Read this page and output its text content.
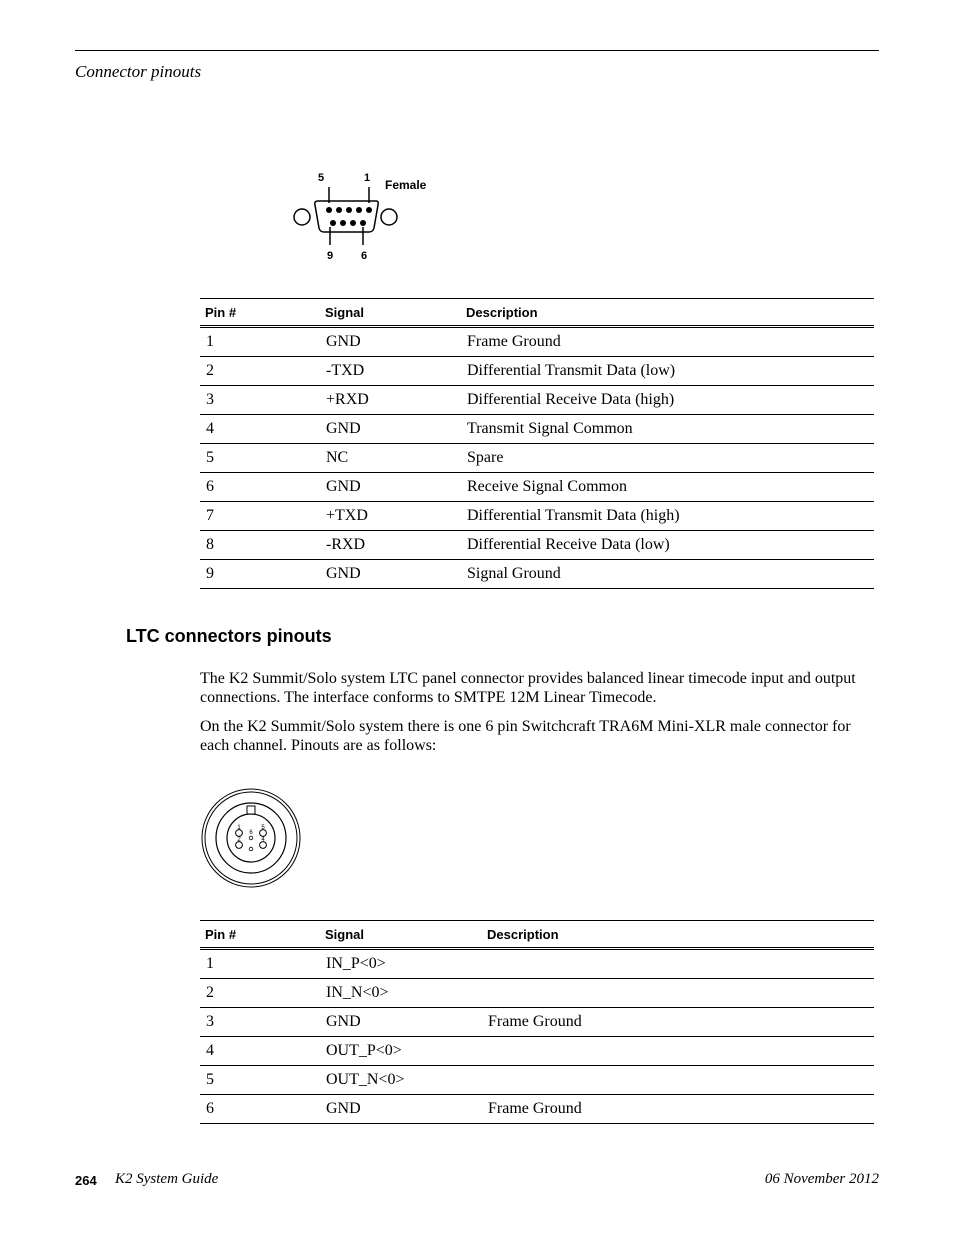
Connector pinouts
5	1 Female
9	6
Pin #	Signal	Description
1	GND	Frame Ground
2	-TXD	Differential Transmit Data (low)
3	+RXD	Differential Receive Data (high)
4	GND	Transmit Signal Common
5	NC	Spare
6	GND	Receive Signal Common
7	+TXD	Differential Transmit Data (high)
8	-RXD	Differential Receive Data (low)
9	GND	Signal Ground
LTC connectors pinouts
The K2 Summit/Solo system LTC panel connector provides balanced linear timecode input and output connections. The interface conforms to SMTPE 12M Linear Timecode.
On the K2 Summit/Solo system there is one 6 pin Switchcraft TRA6M Mini-XLR male connector for each channel. Pinouts are as follows:
1
2
5
4
6
Pin #	Signal	Description
1	IN_P<0>	
2	IN_N<0>	
3	GND	Frame Ground
4	OUT_P<0>	
5	OUT_N<0>	
6	GND	Frame Ground
264 K2 System Guide	06 November 2012
